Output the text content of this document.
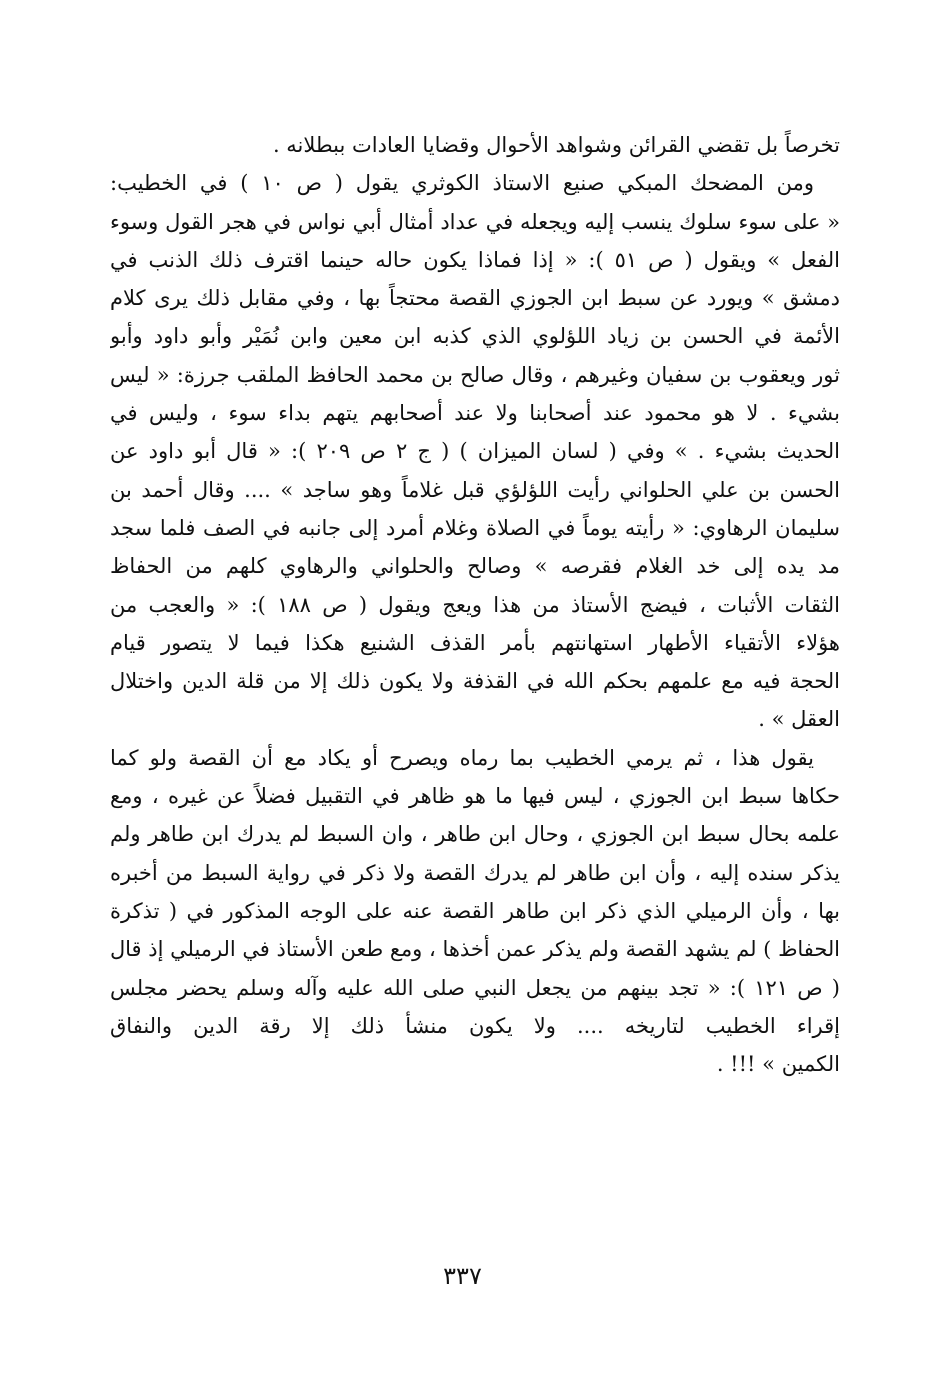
تخرصاً بل تقضي القرائن وشواهد الأحوال وقضايا العادات ببطلانه .
ومن المضحك المبكي صنيع الاستاذ الكوثري يقول ( ص ١٠ ) في الخطيب:
« على سوء سلوك ينسب إليه ويجعله في عداد أمثال أبي نواس في هجر القول وسوء
الفعل » ويقول ( ص ٥١ ): « إذا فماذا يكون حاله حينما اقترف ذلك الذنب في
دمشق » ويورد عن سبط ابن الجوزي القصة محتجاً بها ، وفي مقابل ذلك يرى كلام
الأئمة في الحسن بن زياد اللؤلوي الذي كذبه ابن معين وابن نُمَيْر وأبو داود وأبو
ثور ويعقوب بن سفيان وغيرهم ، وقال صالح بن محمد الحافظ الملقب جرزة: « ليس
بشيء . لا هو محمود عند أصحابنا ولا عند أصحابهم يتهم بداء سوء ، وليس في
الحديث بشيء . » وفي ( لسان الميزان ) ( ج ٢ ص ٢٠٩ ): « قال أبو داود عن
الحسن بن علي الحلواني رأيت اللؤلؤي قبل غلاماً وهو ساجد » .... وقال أحمد بن
سليمان الرهاوي: « رأيته يوماً في الصلاة وغلام أمرد إلى جانبه في الصف فلما سجد
مد يده إلى خد الغلام فقرصه » وصالح والحلواني والرهاوي كلهم من الحفاظ
الثقات الأثبات ، فيضج الأستاذ من هذا ويعج ويقول ( ص ١٨٨ ): « والعجب من
هؤلاء الأتقياء الأطهار استهانتهم بأمر القذف الشنيع هكذا فيما لا يتصور قيام
الحجة فيه مع علمهم بحكم الله في القذفة ولا يكون ذلك إلا من قلة الدين واختلال
العقل » .
يقول هذا ، ثم يرمي الخطيب بما رماه ويصرح أو يكاد مع أن القصة ولو كما
حكاها سبط ابن الجوزي ، ليس فيها ما هو ظاهر في التقبيل فضلاً عن غيره ، ومع
علمه بحال سبط ابن الجوزي ، وحال ابن طاهر ، وان السبط لم يدرك ابن طاهر ولم
يذكر سنده إليه ، وأن ابن طاهر لم يدرك القصة ولا ذكر في رواية السبط من أخبره
بها ، وأن الرميلي الذي ذكر ابن طاهر القصة عنه على الوجه المذكور في ( تذكرة
الحفاظ ) لم يشهد القصة ولم يذكر عمن أخذها ، ومع طعن الأستاذ في الرميلي إذ قال
( ص ١٢١ ): « تجد بينهم من يجعل النبي صلى الله عليه وآله وسلم يحضر مجلس
إقراء الخطيب لتاريخه .... ولا يكون منشأ ذلك إلا رقة الدين والنفاق
الكمين » !!! .
٣٣٧
